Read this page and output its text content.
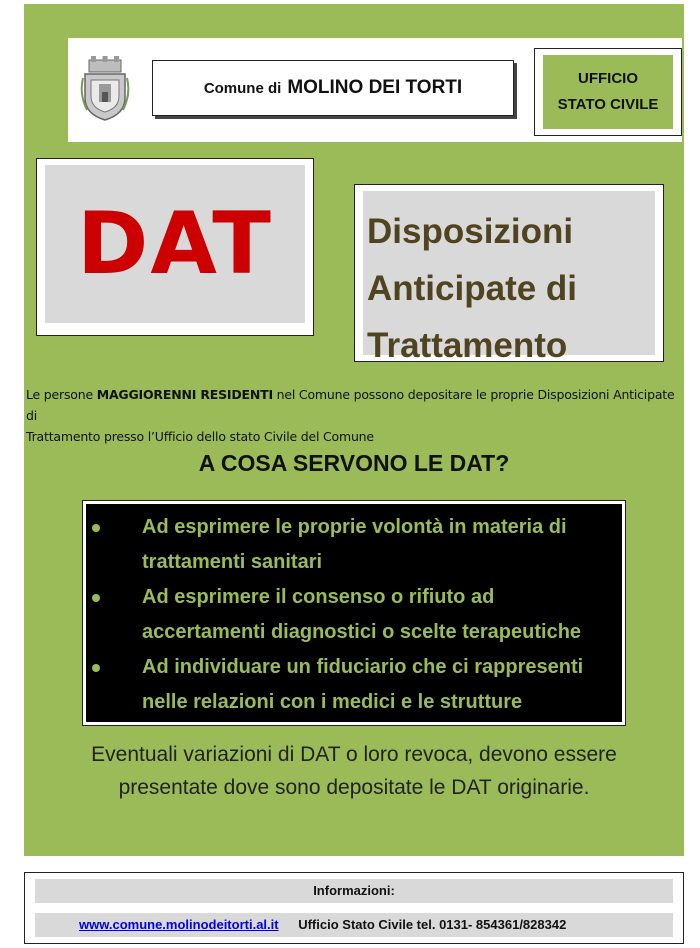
Comune di MOLINO DEI TORTI	UFFICIO
STATO CIVILE
DAT	Disposizioni
Anticipate di
Trattamento
Le persone MAGGIORENNI RESIDENTI nel Comune possono depositare le proprie Disposizioni Anticipate di
Trattamento presso l’Ufficio dello stato Civile del Comune
A COSA SERVONO LE DAT?
Ad esprimere le proprie volontà in materia di
trattamenti sanitari
Ad esprimere il consenso o rifiuto ad
accertamenti diagnostici o scelte terapeutiche
Ad individuare un fiduciario che ci rappresenti
nelle relazioni con i medici e le strutture
Eventuali variazioni di DAT o loro revoca, devono essere
presentate dove sono depositate le DAT originarie.
Informazioni:
www.comune.molinodeitorti.al.it Ufficio Stato Civile tel. 0131- 854361/828342
